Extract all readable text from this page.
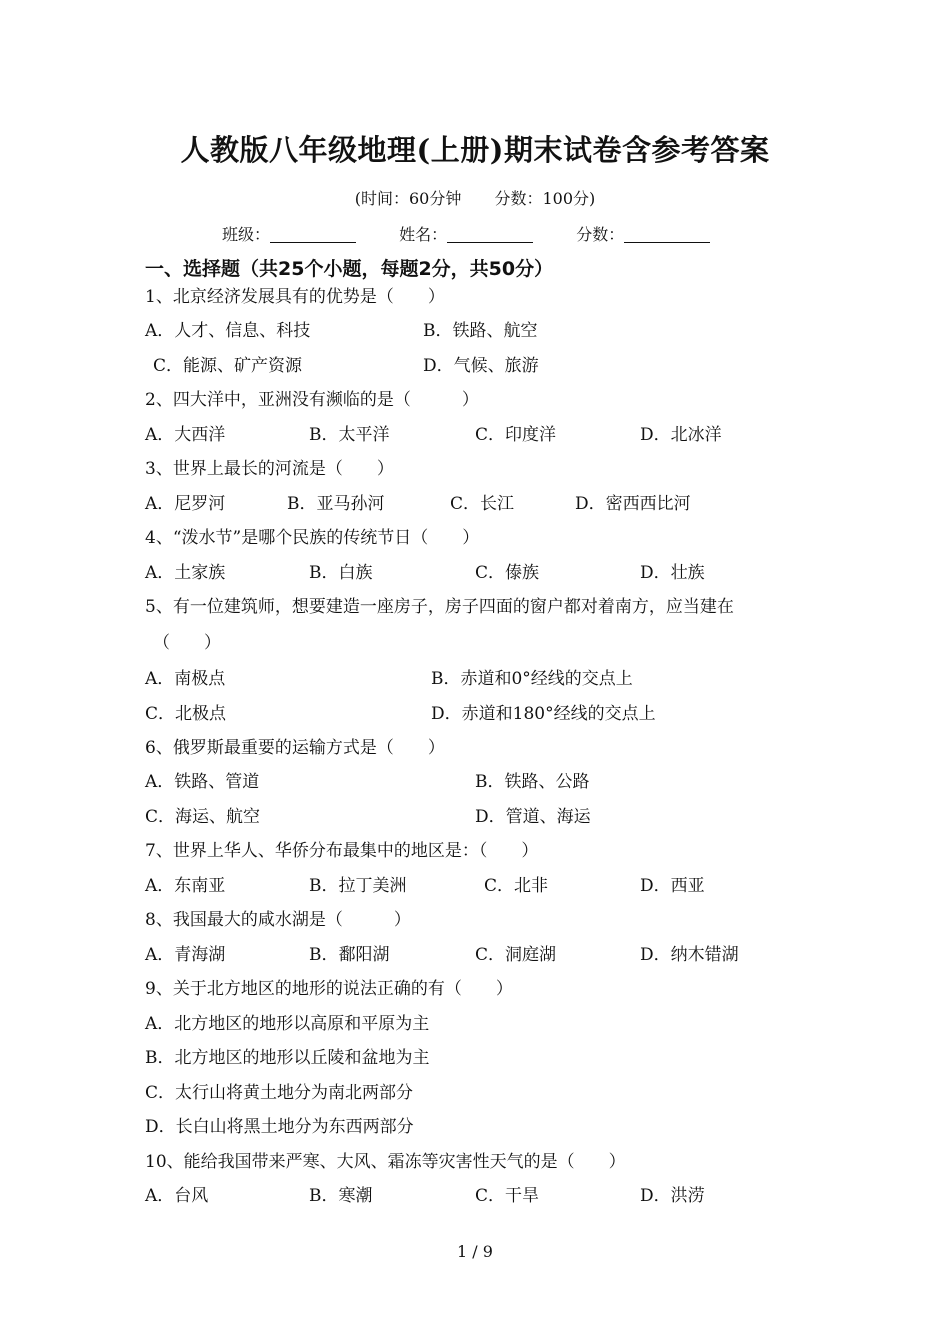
人教版八年级地理(上册)期末试卷含参考答案
(时间：60分钟 分数：100分)
班级：	姓名：	分数：
一、选择题（共25个小题，每题2分，共50分）
1、北京经济发展具有的优势是（　　）
A．人才、信息、科技	B．铁路、航空
C．能源、矿产资源	D．气候、旅游
2、四大洋中，亚洲没有濒临的是（　　　）
A．大西洋	B．太平洋	C．印度洋	D．北冰洋
3、世界上最长的河流是（　　）
A．尼罗河	B．亚马孙河	C．长江	D．密西西比河
4、“泼水节”是哪个民族的传统节日（　　）
A．土家族	B．白族	C．傣族	D．壮族
5、有一位建筑师，想要建造一座房子，房子四面的窗户都对着南方，应当建在
（　　）
A．南极点	B．赤道和0°经线的交点上
C．北极点	D．赤道和180°经线的交点上
6、俄罗斯最重要的运输方式是（　　）
A．铁路、管道	B．铁路、公路
C．海运、航空	D．管道、海运
7、世界上华人、华侨分布最集中的地区是：（　　）
A．东南亚	B．拉丁美洲	C．北非	D．西亚
8、我国最大的咸水湖是（　　　）
A．青海湖	B．鄱阳湖	C．洞庭湖	D．纳木错湖
9、关于北方地区的地形的说法正确的有（　　）
A．北方地区的地形以高原和平原为主
B．北方地区的地形以丘陵和盆地为主
C．太行山将黄土地分为南北两部分
D．长白山将黑土地分为东西两部分
10、能给我国带来严寒、大风、霜冻等灾害性天气的是（　　）
A．台风	B．寒潮	C．干旱	D．洪涝
1 / 9
